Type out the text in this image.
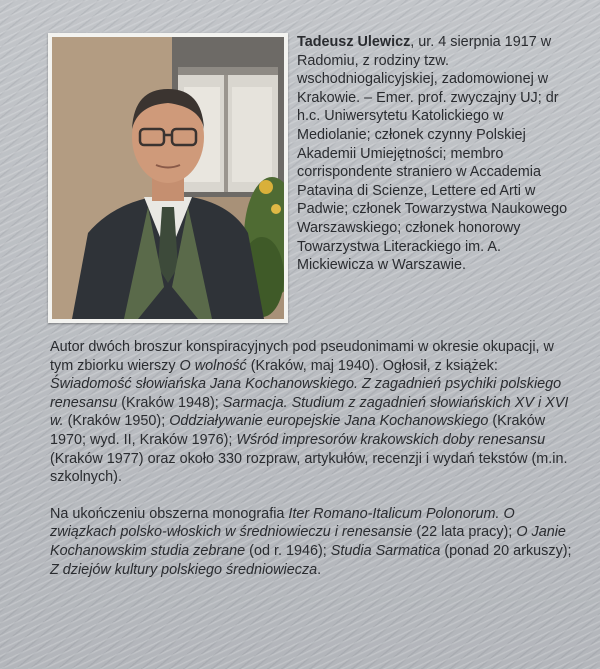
Tadeusz Ulewicz, ur. 4 sierpnia 1917 w Radomiu, z rodziny tzw. wschodniogalicyjskiej, zadomowionej w Krakowie. – Emer. prof. zwyczajny UJ; dr h.c. Uniwersytetu Katolickiego w Mediolanie; członek czynny Polskiej Akademii Umiejętności; membro corrispondente straniero w Accademia Patavina di Scienze, Lettere ed Arti w Padwie; członek Towarzystwa Naukowego Warszawskiego; członek honorowy Towarzystwa Literackiego im. A. Mickiewicza w Warszawie.

Autor dwóch broszur konspiracyjnych pod pseudonimami w okresie okupacji, w tym zbiorku wierszy O wolność (Kraków, maj 1940). Ogłosił, z książek: Świadomość słowiańska Jana Kochanowskiego. Z zagadnień psychiki polskiego renesansu (Kraków 1948); Sarmacja. Studium z zagadnień słowiańskich XV i XVI w. (Kraków 1950); Oddziaływanie europejskie Jana Kochanowskiego (Kraków 1970; wyd. II, Kraków 1976); Wśród impresorów krakowskich doby renesansu (Kraków 1977) oraz około 330 rozpraw, artykułów, recenzji i wydań tekstów (m.in. szkolnych).

Na ukończeniu obszerna monografia Iter Romano-Italicum Polonorum. O związkach polsko-włoskich w średniowieczu i renesansie (22 lata pracy); O Janie Kochanowskim studia zebrane (od r. 1946); Studia Sarmatica (ponad 20 arkuszy); Z dziejów kultury polskiego średniowiecza.
